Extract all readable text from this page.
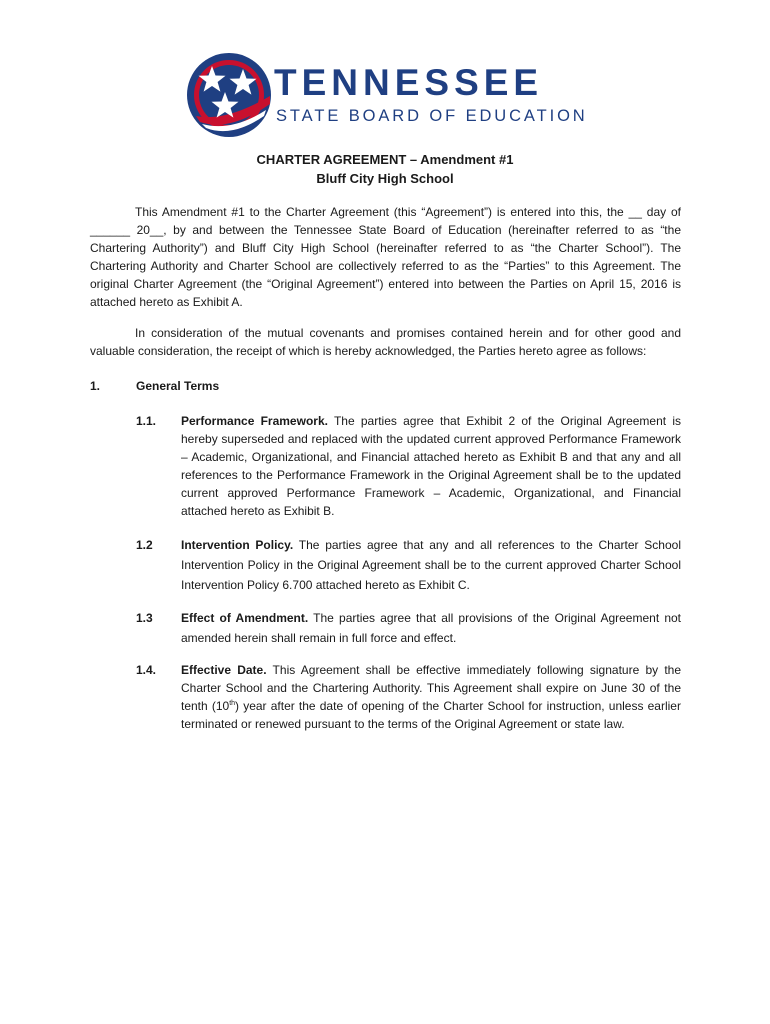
TENNESSEE
STATE BOARD OF EDUCATION
CHARTER AGREEMENT – Amendment #1
Bluff City High School

This Amendment #1 to the Charter Agreement (this “Agreement”) is entered into this, the __ day of ______ 20__, by and between the Tennessee State Board of Education (hereinafter referred to as “the Chartering Authority”) and Bluff City High School (hereinafter referred to as “the Charter School”). The Chartering Authority and Charter School are collectively referred to as the “Parties” to this Agreement. The original Charter Agreement (the “Original Agreement”) entered into between the Parties on April 15, 2016 is attached hereto as Exhibit A.

In consideration of the mutual covenants and promises contained herein and for other good and valuable consideration, the receipt of which is hereby acknowledged, the Parties hereto agree as follows:

1.	General Terms
1.1. Performance Framework. The parties agree that Exhibit 2 of the Original Agreement is hereby superseded and replaced with the updated current approved Performance Framework – Academic, Organizational, and Financial attached hereto as Exhibit B and that any and all references to the Performance Framework in the Original Agreement shall be to the updated current approved Performance Framework – Academic, Organizational, and Financial attached hereto as Exhibit B.

1.2 Intervention Policy. The parties agree that any and all references to the Charter School Intervention Policy in the Original Agreement shall be to the current approved Charter School Intervention Policy 6.700 attached hereto as Exhibit C.

1.3 Effect of Amendment. The parties agree that all provisions of the Original Agreement not amended herein shall remain in full force and effect.

1.4. Effective Date. This Agreement shall be effective immediately following signature by the Charter School and the Chartering Authority. This Agreement shall expire on June 30 of the tenth (10th) year after the date of opening of the Charter School for instruction, unless earlier terminated or renewed pursuant to the terms of the Original Agreement or state law.
